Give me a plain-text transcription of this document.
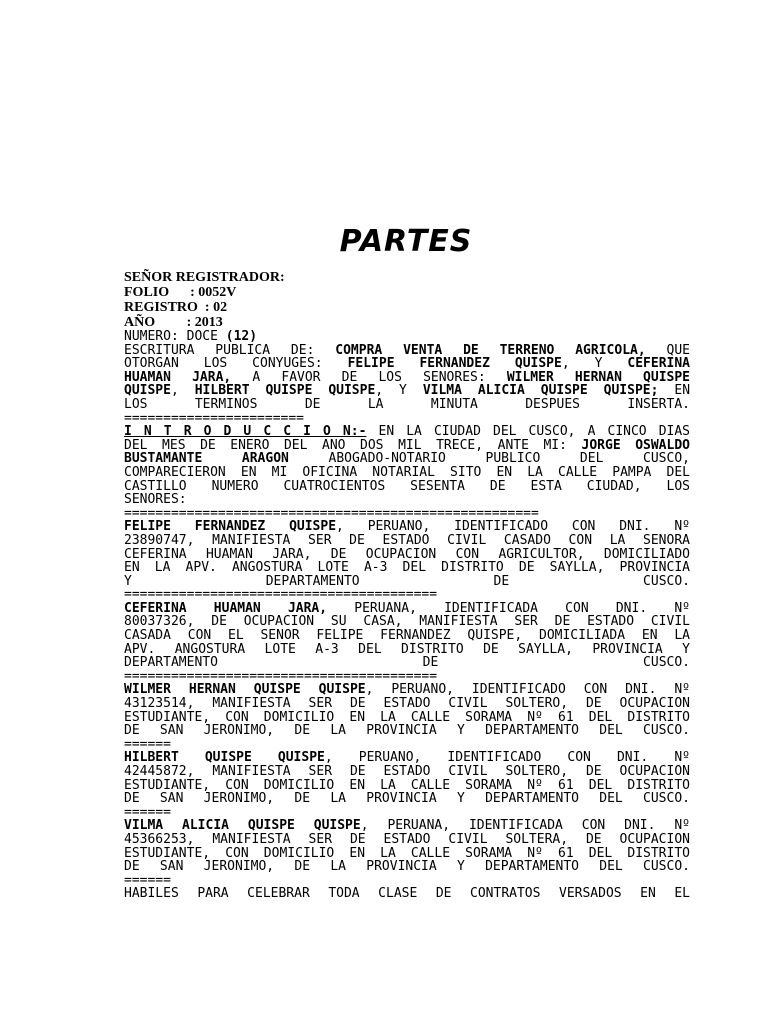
PARTES
SEÑOR REGISTRADOR:
FOLIO      : 0052V
REGISTRO  : 02
AÑO         : 2013
NUMERO: DOCE (12)
ESCRITURA PUBLICA DE: COMPRA VENTA DE TERRENO AGRICOLA, QUE
OTORGAN LOS CONYUGES: FELIPE FERNANDEZ QUISPE, Y CEFERINA
HUAMÁN JARA, A FAVOR DE LOS SEÑORES: WILMER HERNAN QUISPE
QUISPE, HILBERT QUISPE QUISPE, Y VILMA ALICIA QUISPE QUISPE; EN
LOS TÉRMINOS DE LA MINUTA DESPUÉS INSERTA.
=======================
I N T R O D U C C I Ó N:- EN LA CIUDAD DEL CUSCO, A CINCO DÍAS
DEL MES DE ENERO DEL AÑO DOS MIL TRECE, ANTE MI: JORGE OSWALDO
BUSTAMANTE ARAGÓN ABOGADO-NOTARIO PUBLICO DEL CUSCO,
COMPARECIERON EN MI OFICINA NOTARIAL SITO EN LA CALLE PAMPA DEL
CASTILLO NUMERO CUATROCIENTOS SESENTA DE ESTA CIUDAD, LOS
SEÑORES:
=====================================================
FELIPE FERNANDEZ QUISPE, PERUANO, IDENTIFICADO CON DNI. Nº
23890747, MANIFIESTA SER DE ESTADO CIVIL CASADO CON LA SEÑORA
CEFERINA HUAMÁN JARA, DE OCUPACION CON AGRICULTOR, DOMICILIADO
EN LA APV. ANGOSTURA LOTE A-3 DEL DISTRITO DE SAYLLA, PROVINCIA
Y DEPARTAMENTO DE CUSCO.
========================================
CEFERINA HUAMÁN JARA, PERUANA, IDENTIFICADA CON DNI. Nº
80037326, DE OCUPACION SU CASA, MANIFIESTA SER DE ESTADO CIVIL
CASADA CON EL SEÑOR FELIPE FERNANDEZ QUISPE, DOMICILIADA EN LA
APV. ANGOSTURA LOTE A-3 DEL DISTRITO DE SAYLLA, PROVINCIA Y
DEPARTAMENTO DE CUSCO.
========================================
WILMER HERNAN QUISPE QUISPE, PERUANO, IDENTIFICADO CON DNI. Nº
43123514, MANIFIESTA SER DE ESTADO CIVIL SOLTERO, DE OCUPACION
ESTUDIANTE, CON DOMICILIO EN LA CALLE SORAMA Nº 61 DEL DISTRITO
DE SAN JERÓNIMO, DE LA PROVINCIA Y DEPARTAMENTO DEL CUSCO.
======
HILBERT QUISPE QUISPE, PERUANO, IDENTIFICADO CON DNI. Nº
42445872, MANIFIESTA SER DE ESTADO CIVIL SOLTERO, DE OCUPACION
ESTUDIANTE, CON DOMICILIO EN LA CALLE SORAMA Nº 61 DEL DISTRITO
DE SAN JERÓNIMO, DE LA PROVINCIA Y DEPARTAMENTO DEL CUSCO.
======
VILMA ALICIA QUISPE QUISPE, PERUANA, IDENTIFICADA CON DNI. Nº
45366253, MANIFIESTA SER DE ESTADO CIVIL SOLTERA, DE OCUPACION
ESTUDIANTE, CON DOMICILIO EN LA CALLE SORAMA Nº 61 DEL DISTRITO
DE SAN JERÓNIMO, DE LA PROVINCIA Y DEPARTAMENTO DEL CUSCO.
======
HÁBILES PARA CELEBRAR TODA CLASE DE CONTRATOS VERSADOS EN EL
